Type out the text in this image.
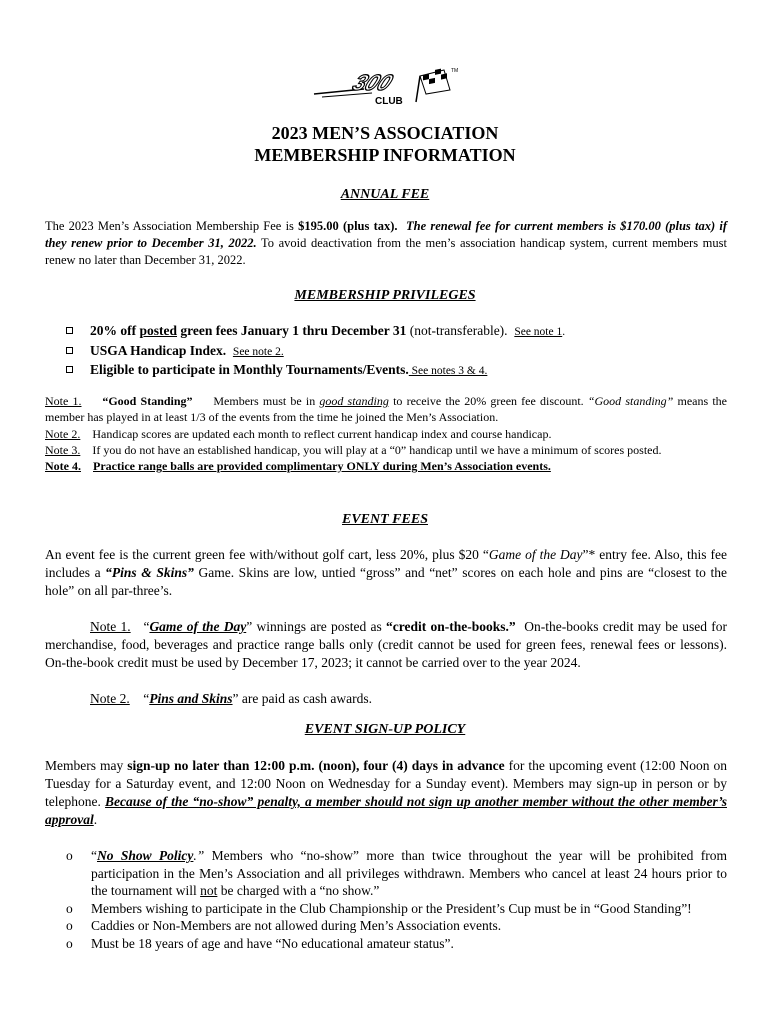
300
CLUB
TM
2023 MEN’S ASSOCIATION
MEMBERSHIP INFORMATION
ANNUAL FEE
The 2023 Men’s Association Membership Fee is $195.00 (plus tax). The renewal fee for current members is $170.00 (plus tax) if they renew prior to December 31, 2022. To avoid deactivation from the men’s association handicap system, current members must renew no later than December 31, 2022.
MEMBERSHIP PRIVILEGES
20% off posted green fees January 1 thru December 31 (not-transferable). See note 1.
USGA Handicap Index. See note 2.
Eligible to participate in Monthly Tournaments/Events. See notes 3 & 4.
Note 1. “Good Standing” Members must be in good standing to receive the 20% green fee discount. “Good standing” means the member has played in at least 1/3 of the events from the time he joined the Men’s Association.
Note 2. Handicap scores are updated each month to reflect current handicap index and course handicap.
Note 3. If you do not have an established handicap, you will play at a “0” handicap until we have a minimum of scores posted.
Note 4. Practice range balls are provided complimentary ONLY during Men’s Association events.
EVENT FEES
An event fee is the current green fee with/without golf cart, less 20%, plus $20 “Game of the Day”* entry fee. Also, this fee includes a “Pins & Skins” Game. Skins are low, untied “gross” and “net” scores on each hole and pins are “closest to the hole” on all par-three’s.
Note 1. “Game of the Day” winnings are posted as “credit on-the-books.”  On-the-books credit may be used for merchandise, food, beverages and practice range balls only (credit cannot be used for green fees, renewal fees or lessons). On-the-book credit must be used by December 17, 2023; it cannot be carried over to the year 2024.
Note 2. “Pins and Skins” are paid as cash awards.
EVENT SIGN-UP POLICY
Members may sign-up no later than 12:00 p.m. (noon), four (4) days in advance for the upcoming event (12:00 Noon on Tuesday for a Saturday event, and 12:00 Noon on Wednesday for a Sunday event). Members may sign-up in person or by telephone. Because of the “no-show” penalty, a member should not sign up another member without the other member’s approval.
o “No Show Policy.” Members who “no-show” more than twice throughout the year will be prohibited from participation in the Men’s Association and all privileges withdrawn. Members who cancel at least 24 hours prior to the tournament will not be charged with a “no show.”
o Members wishing to participate in the Club Championship or the President’s Cup must be in “Good Standing”!
o Caddies or Non-Members are not allowed during Men’s Association events.
o Must be 18 years of age and have “No educational amateur status”.
